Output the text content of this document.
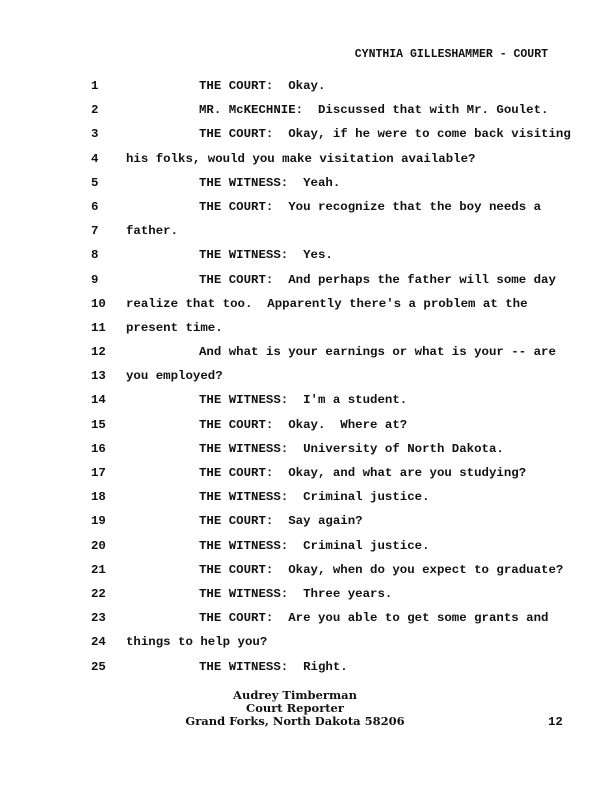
CYNTHIA GILLESHAMMER - COURT
1	THE COURT:  Okay.
2	MR. McKECHNIE:  Discussed that with Mr. Goulet.
3	THE COURT:  Okay, if he were to come back visiting
4	his folks, would you make visitation available?
5	THE WITNESS:  Yeah.
6	THE COURT:  You recognize that the boy needs a
7	father.
8	THE WITNESS:  Yes.
9	THE COURT:  And perhaps the father will some day
10	realize that too.  Apparently there's a problem at the
11	present time.
12	And what is your earnings or what is your -- are
13	you employed?
14	THE WITNESS:  I'm a student.
15	THE COURT:  Okay.  Where at?
16	THE WITNESS:  University of North Dakota.
17	THE COURT:  Okay, and what are you studying?
18	THE WITNESS:  Criminal justice.
19	THE COURT:  Say again?
20	THE WITNESS:  Criminal justice.
21	THE COURT:  Okay, when do you expect to graduate?
22	THE WITNESS:  Three years.
23	THE COURT:  Are you able to get some grants and
24	things to help you?
25	THE WITNESS:  Right.
Audrey Timberman
Court Reporter
Grand Forks, North Dakota 58206	12
